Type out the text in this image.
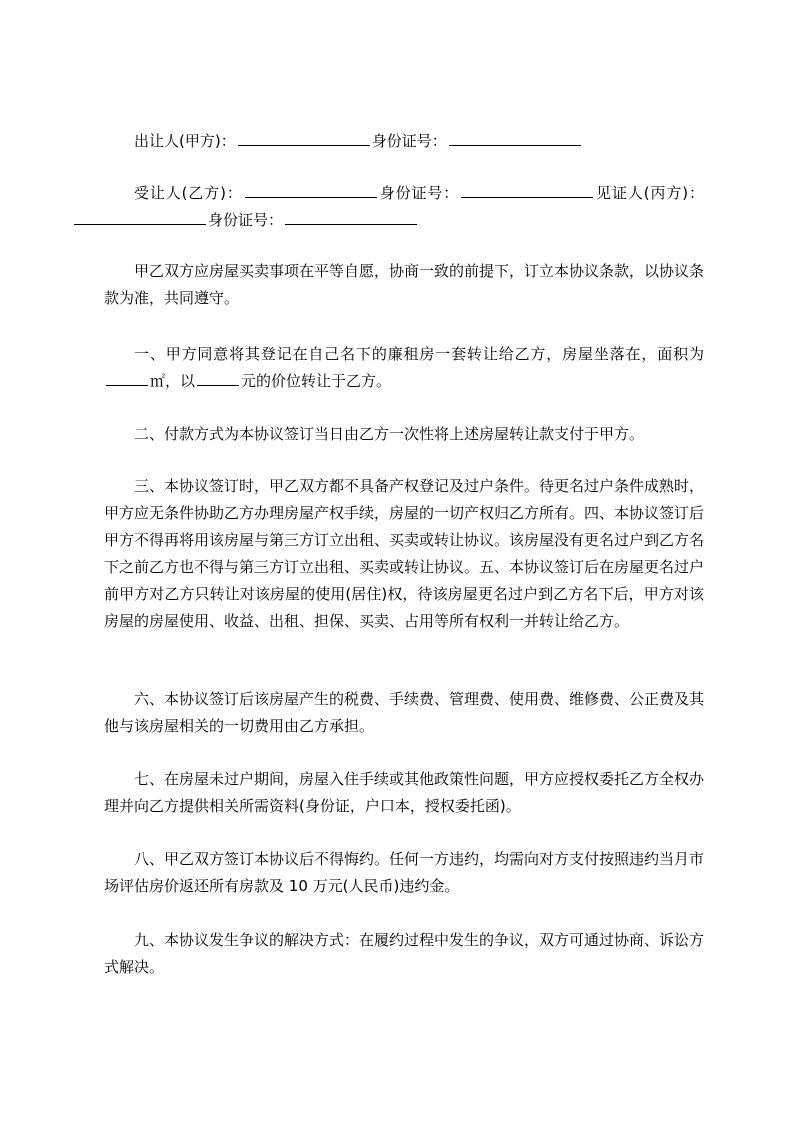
出让人(甲方)：	身份证号：

受让人(乙方)：	身份证号：	见证人(丙方)：身份证号：

甲乙双方应房屋买卖事项在平等自愿，协商一致的前提下，订立本协议条款，以协议条款为准，共同遵守。

一、甲方同意将其登记在自己名下的廉租房一套转让给乙方，房屋坐落在，面积为㎡，以	元的价位转让于乙方。

二、付款方式为本协议签订当日由乙方一次性将上述房屋转让款支付于甲方。

三、本协议签订时，甲乙双方都不具备产权登记及过户条件。待更名过户条件成熟时，甲方应无条件协助乙方办理房屋产权手续，房屋的一切产权归乙方所有。四、本协议签订后甲方不得再将用该房屋与第三方订立出租、买卖或转让协议。该房屋没有更名过户到乙方名下之前乙方也不得与第三方订立出租、买卖或转让协议。五、本协议签订后在房屋更名过户前甲方对乙方只转让对该房屋的使用(居住)权，待该房屋更名过户到乙方名下后，甲方对该房屋的房屋使用、收益、出租、担保、买卖、占用等所有权利一并转让给乙方。

六、本协议签订后该房屋产生的税费、手续费、管理费、使用费、维修费、公正费及其他与该房屋相关的一切费用由乙方承担。

七、在房屋未过户期间，房屋入住手续或其他政策性问题，甲方应授权委托乙方全权办理并向乙方提供相关所需资料(身份证，户口本，授权委托函)。

八、甲乙双方签订本协议后不得悔约。任何一方违约，均需向对方支付按照违约当月市场评估房价返还所有房款及 10 万元(人民币)违约金。

九、本协议发生争议的解决方式：在履约过程中发生的争议，双方可通过协商、诉讼方式解决。
